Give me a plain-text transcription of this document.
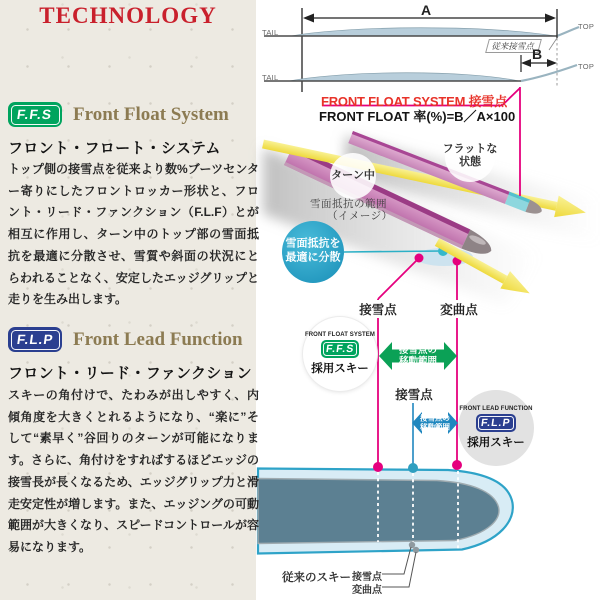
TECHNOLOGY
F.F.S Front Float System
フロント・フロート・システム
トップ側の接雪点を従来より数%ブーツセンター寄りにしたフロントロッカー形状と、フロント・リード・ファンクション（F.L.F）とが相互に作用し、ターン中のトップ部の雪面抵抗を最適に分散させ、雪質や斜面の状況にとらわれることなく、安定したエッジグリップと走りを生み出します。
F.L.P Front Lead Function
フロント・リード・ファンクション
スキーの角付けで、たわみが出しやすく、内傾角度を大きくとれるようになり、“楽に”そして“素早く”谷回りのターンが可能になります。さらに、角付けをすればするほどエッジの接雪長が長くなるため、エッジグリップ力と滑走安定性が増します。また、エッジングの可動範囲が大きくなり、スピードコントロールが容易になります。
A
TAIL
TOP
TAIL
TOP
従来接雪点
B
FRONT FLOAT SYSTEM 接雪点
FRONT FLOAT 率(%)=B／A×100
ターン中
フラットな
状態
雪面抵抗の範囲
（イメージ）
雪面抵抗を
最適に分散
接雪点	変曲点
FRONT FLOAT SYSTEM
F.F.S
採用スキー
接雪点の
移動範囲
接雪点
接雪点の
移動範囲
FRONT LEAD FUNCTION
F.L.P
採用スキー
従来のスキー 接雪点
変曲点
